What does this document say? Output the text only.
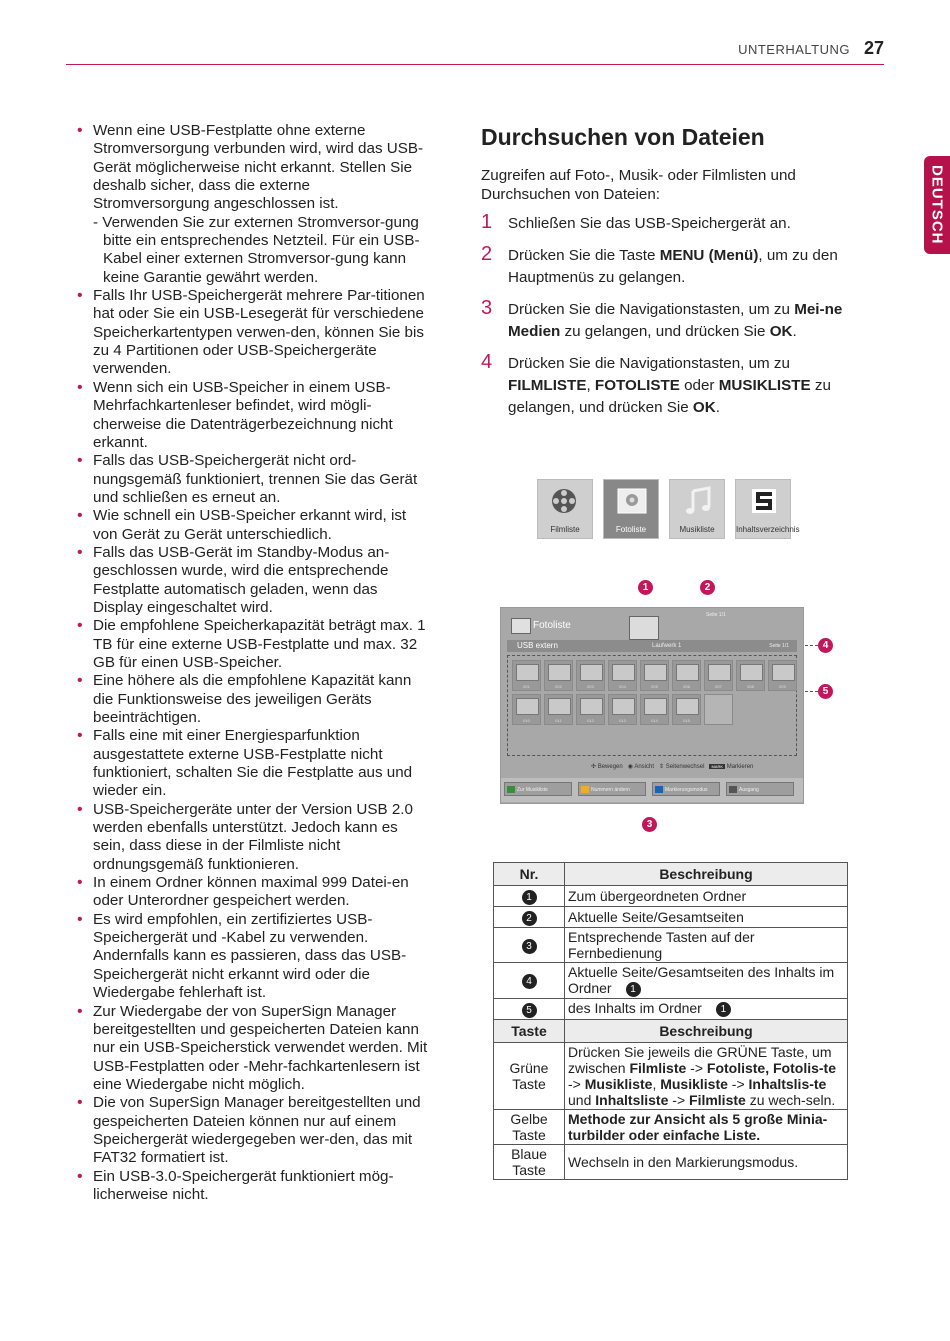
UNTERHALTUNG 27
DEUTSCH
• Wenn eine USB-Festplatte ohne externe Stromversorgung verbunden wird, wird das USB-Gerät möglicherweise nicht erkannt. Stellen Sie deshalb sicher, dass die externe Stromversorgung angeschlossen ist.
- Verwenden Sie zur externen Stromversor-gung bitte ein entsprechendes Netzteil. Für ein USB-Kabel einer externen Stromversor-gung kann keine Garantie gewährt werden.
• Falls Ihr USB-Speichergerät mehrere Par-titionen hat oder Sie ein USB-Lesegerät für verschiedene Speicherkartentypen verwen-den, können Sie bis zu 4 Partitionen oder USB-Speichergeräte verwenden.
• Wenn sich ein USB-Speicher in einem USB-Mehrfachkartenleser befindet, wird mögli-cherweise die Datenträgerbezeichnung nicht erkannt.
• Falls das USB-Speichergerät nicht ord-nungsgemäß funktioniert, trennen Sie das Gerät und schließen es erneut an.
• Wie schnell ein USB-Speicher erkannt wird, ist von Gerät zu Gerät unterschiedlich.
• Falls das USB-Gerät im Standby-Modus an-geschlossen wurde, wird die entsprechende Festplatte automatisch geladen, wenn das Display eingeschaltet wird.
• Die empfohlene Speicherkapazität beträgt max. 1 TB für eine externe USB-Festplatte und max. 32 GB für einen USB-Speicher.
• Eine höhere als die empfohlene Kapazität kann die Funktionsweise des jeweiligen Geräts beeinträchtigen.
• Falls eine mit einer Energiesparfunktion ausgestattete externe USB-Festplatte nicht funktioniert, schalten Sie die Festplatte aus und wieder ein.
• USB-Speichergeräte unter der Version USB 2.0 werden ebenfalls unterstützt. Jedoch kann es sein, dass diese in der Filmliste nicht ordnungsgemäß funktionieren.
• In einem Ordner können maximal 999 Datei-en oder Unterordner gespeichert werden.
• Es wird empfohlen, ein zertifiziertes USB-Speichergerät und -Kabel zu verwenden. Andernfalls kann es passieren, dass das USB-Speichergerät nicht erkannt wird oder die Wiedergabe fehlerhaft ist.
• Zur Wiedergabe der von SuperSign Manager bereitgestellten und gespeicherten Dateien kann nur ein USB-Speicherstick verwendet werden. Mit USB-Festplatten oder -Mehr-fachkartenlesern ist eine Wiedergabe nicht möglich.
• Die von SuperSign Manager bereitgestellten und gespeicherten Dateien können nur auf einem Speichergerät wiedergegeben wer-den, das mit FAT32 formatiert ist.
• Ein USB-3.0-Speichergerät funktioniert mög-licherweise nicht.
Durchsuchen von Dateien
Zugreifen auf Foto-, Musik- oder Filmlisten und Durchsuchen von Dateien:
1 Schließen Sie das USB-Speichergerät an.
2 Drücken Sie die Taste MENU (Menü), um zu den Hauptmenüs zu gelangen.
3 Drücken Sie die Navigationstasten, um zu Mei-ne Medien zu gelangen, und drücken Sie OK.
4 Drücken Sie die Navigationstasten, um zu FILMLISTE, FOTOLISTE oder MUSIKLISTE zu gelangen, und drücken Sie OK.
Filmliste	Fotoliste	Musikliste	Inhaltsverzeichnis
1	2
3
4
5
Fotoliste
Seite 1/1
USB extern	Laufwerk 1	Seite 1/1
001	002	003	004	005	006	007	008	009
010	011	012	013	014	015
✣ Bewegen ◉ Ansicht ⇕ Seitenwechsel MARK Markieren
Zur Musikliste	Nummern ändern	Markierungsmodus	Ausgang
Nr.	Beschreibung
1	Zum übergeordneten Ordner
2	Aktuelle Seite/Gesamtseiten
3	Entsprechende Tasten auf der Fernbedienung
4	Aktuelle Seite/Gesamtseiten des Inhalts im Ordner 1
5	des Inhalts im Ordner 1
Taste	Beschreibung
Grüne Taste	Drücken Sie jeweils die GRÜNE Taste, um zwischen Filmliste -> Fotoliste, Fotolis-te -> Musikliste, Musikliste -> Inhaltslis-te und Inhaltsliste -> Filmliste zu wech-seln.
Gelbe Taste	Methode zur Ansicht als 5 große Minia-turbilder oder einfache Liste.
Blaue Taste	Wechseln in den Markierungsmodus.
